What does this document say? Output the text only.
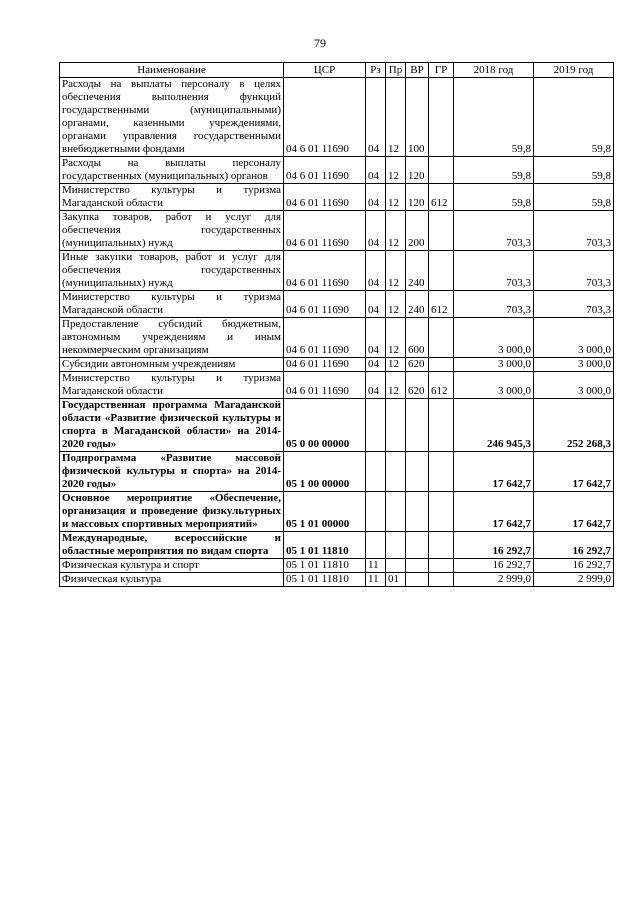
79
Наименование	ЦСР	Рз	Пр	ВР	ГР	2018 год	2019 год
Расходы на выплаты персоналу в целях обеспечения выполнения функций государственными (муниципальными) органами, казенными учреждениями, органами управления государственными внебюджетными фондами	04 6 01 11690	04	12	100		59,8	59,8
Расходы на выплаты персоналу государственных (муниципальных) органов	04 6 01 11690	04	12	120		59,8	59,8
Министерство культуры и туризма Магаданской области	04 6 01 11690	04	12	120	612	59,8	59,8
Закупка товаров, работ и услуг для обеспечения государственных (муниципальных) нужд	04 6 01 11690	04	12	200		703,3	703,3
Иные закупки товаров, работ и услуг для обеспечения государственных (муниципальных) нужд	04 6 01 11690	04	12	240		703,3	703,3
Министерство культуры и туризма Магаданской области	04 6 01 11690	04	12	240	612	703,3	703,3
Предоставление субсидий бюджетным, автономным учреждениям и иным некоммерческим организациям	04 6 01 11690	04	12	600		3 000,0	3 000,0
Субсидии автономным учреждениям	04 6 01 11690	04	12	620		3 000,0	3 000,0
Министерство культуры и туризма Магаданской области	04 6 01 11690	04	12	620	612	3 000,0	3 000,0
Государственная программа Магаданской области «Развитие физической культуры и спорта в Магаданской области» на 2014-2020 годы»	05 0 00 00000					246 945,3	252 268,3
Подпрограмма «Развитие массовой физической культуры и спорта» на 2014-2020 годы»	05 1 00 00000					17 642,7	17 642,7
Основное мероприятие «Обеспечение, организация и проведение физкультурных и массовых спортивных мероприятий»	05 1 01 00000					17 642,7	17 642,7
Международные, всероссийские и областные мероприятия по видам спорта	05 1 01 11810					16 292,7	16 292,7
Физическая культура и спорт	05 1 01 11810	11				16 292,7	16 292,7
Физическая культура	05 1 01 11810	11	01			2 999,0	2 999,0
